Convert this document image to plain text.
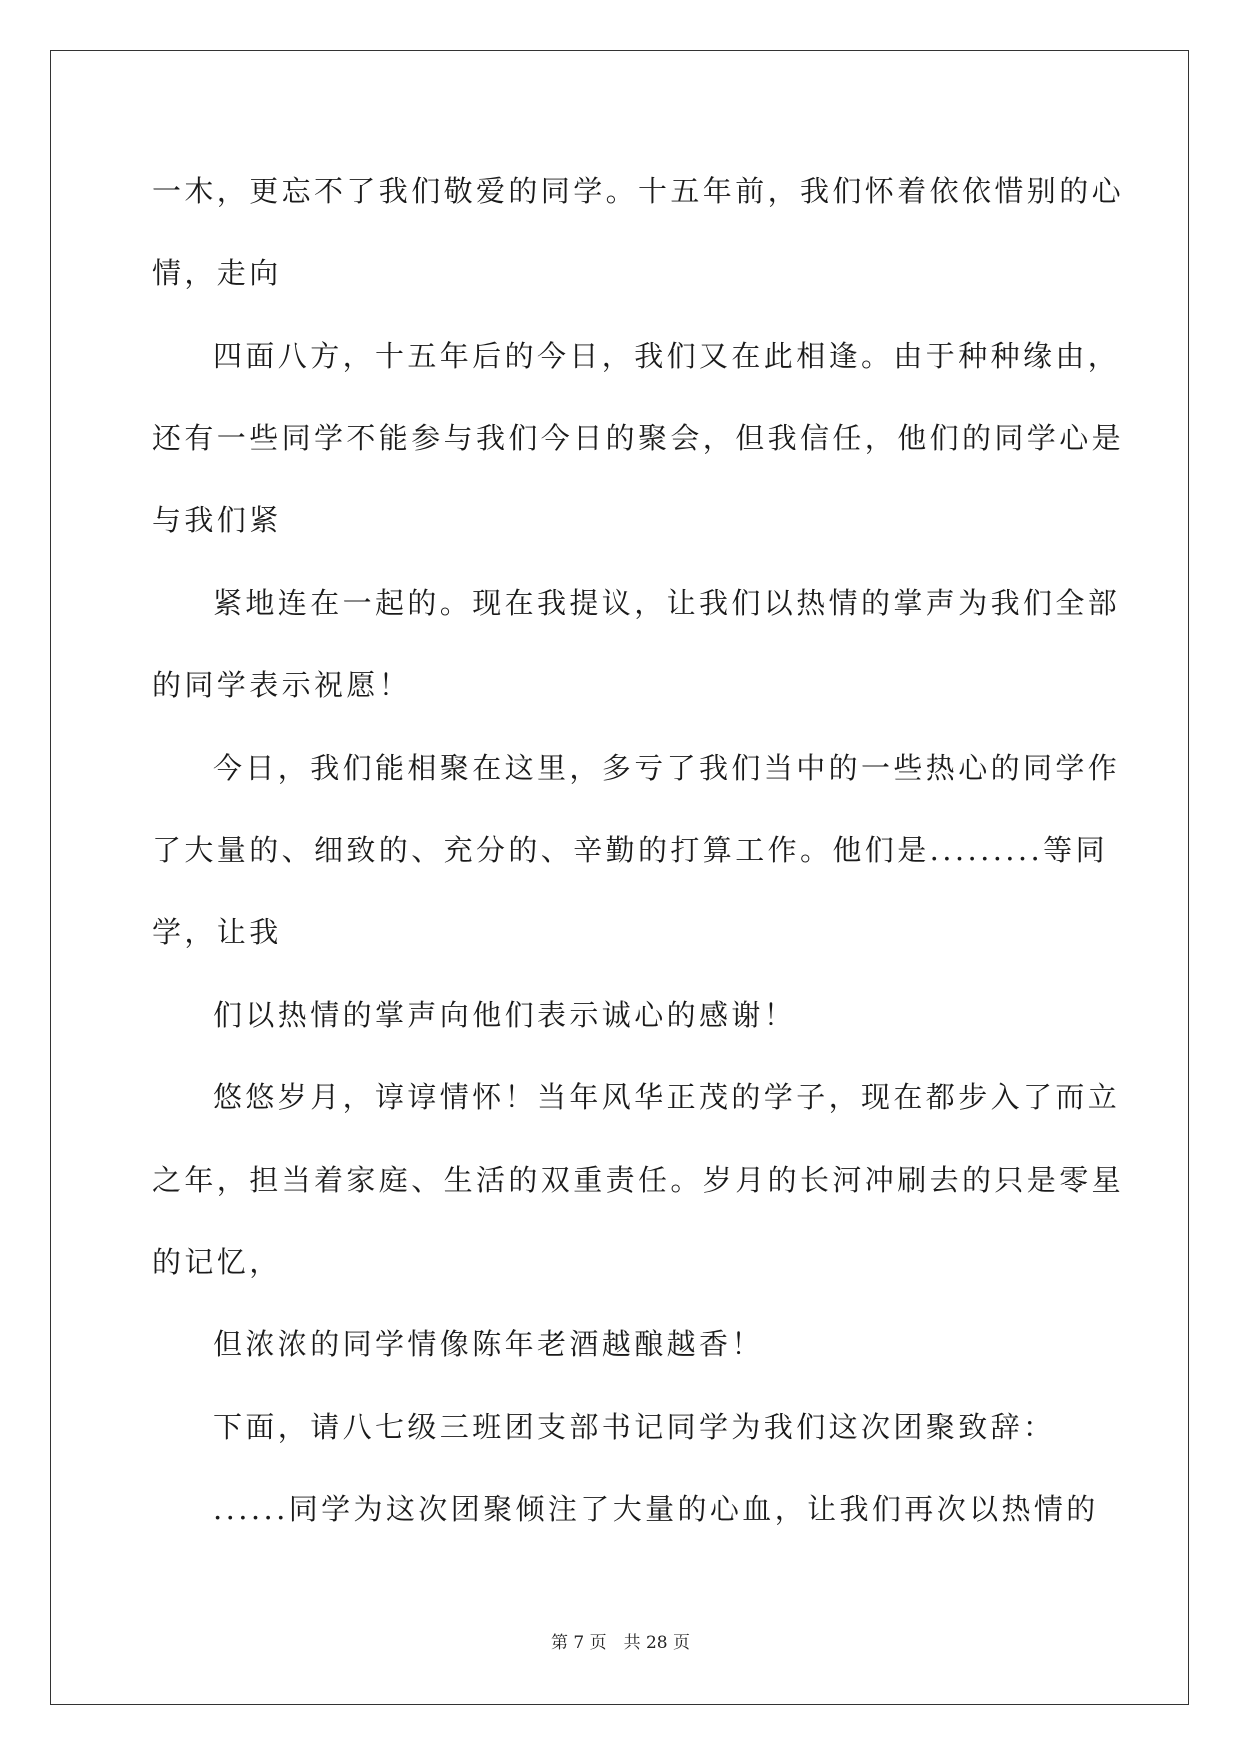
一木，更忘不了我们敬爱的同学。十五年前，我们怀着依依惜别的心
情，走向
四面八方，十五年后的今日，我们又在此相逢。由于种种缘由，
还有一些同学不能参与我们今日的聚会，但我信任，他们的同学心是
与我们紧
紧地连在一起的。现在我提议，让我们以热情的掌声为我们全部
的同学表示祝愿！
今日，我们能相聚在这里，多亏了我们当中的一些热心的同学作
了大量的、细致的、充分的、辛勤的打算工作。他们是.........等同
学，让我
们以热情的掌声向他们表示诚心的感谢！
悠悠岁月，谆谆情怀！当年风华正茂的学子，现在都步入了而立
之年，担当着家庭、生活的双重责任。岁月的长河冲刷去的只是零星
的记忆，
但浓浓的同学情像陈年老酒越酿越香！
下面，请八七级三班团支部书记同学为我们这次团聚致辞：
......同学为这次团聚倾注了大量的心血，让我们再次以热情的
第 7 页　共 28 页
